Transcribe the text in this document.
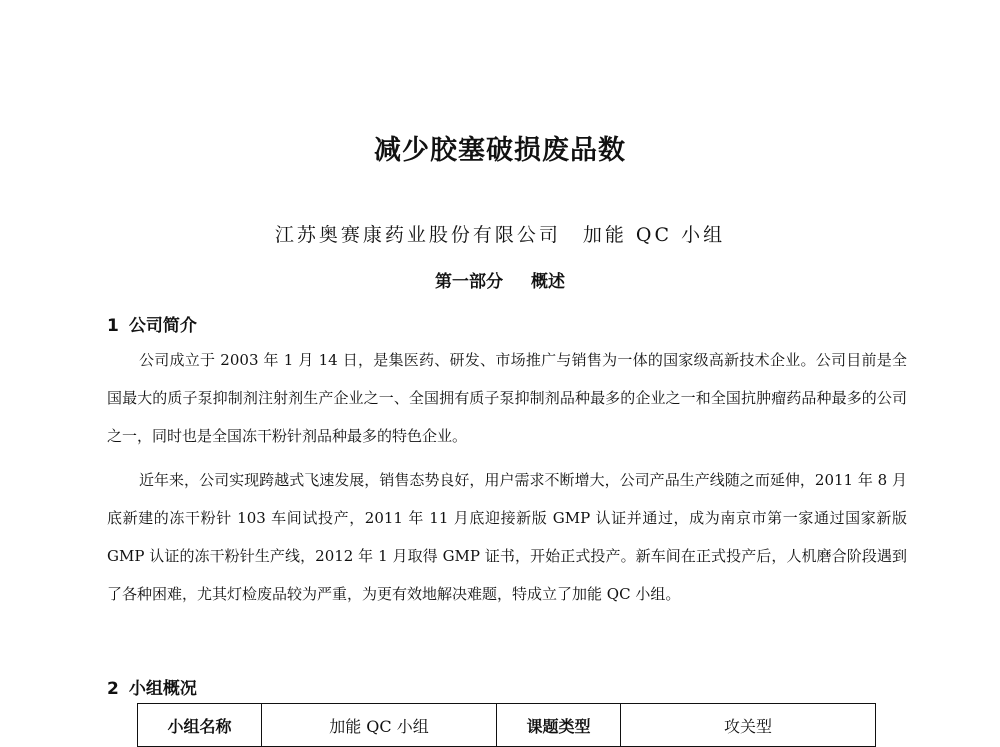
减少胶塞破损废品数
江苏奥赛康药业股份有限公司　加能 QC 小组
第一部分 概述
1 公司简介

公司成立于 2003 年 1 月 14 日，是集医药、研发、市场推广与销售为一体的国家级高新技术企业。公司目前是全国最大的质子泵抑制剂注射剂生产企业之一、全国拥有质子泵抑制剂品种最多的企业之一和全国抗肿瘤药品种最多的公司之一，同时也是全国冻干粉针剂品种最多的特色企业。

近年来，公司实现跨越式飞速发展，销售态势良好，用户需求不断增大，公司产品生产线随之而延伸，2011 年 8 月底新建的冻干粉针 103 车间试投产，2011 年 11 月底迎接新版 GMP 认证并通过，成为南京市第一家通过国家新版 GMP 认证的冻干粉针生产线，2012 年 1 月取得 GMP 证书，开始正式投产。新车间在正式投产后，人机磨合阶段遇到了各种困难，尤其灯检废品较为严重，为更有效地解决难题，特成立了加能 QC 小组。

2 小组概况
小组名称	加能 QC 小组	课题类型	攻关型
